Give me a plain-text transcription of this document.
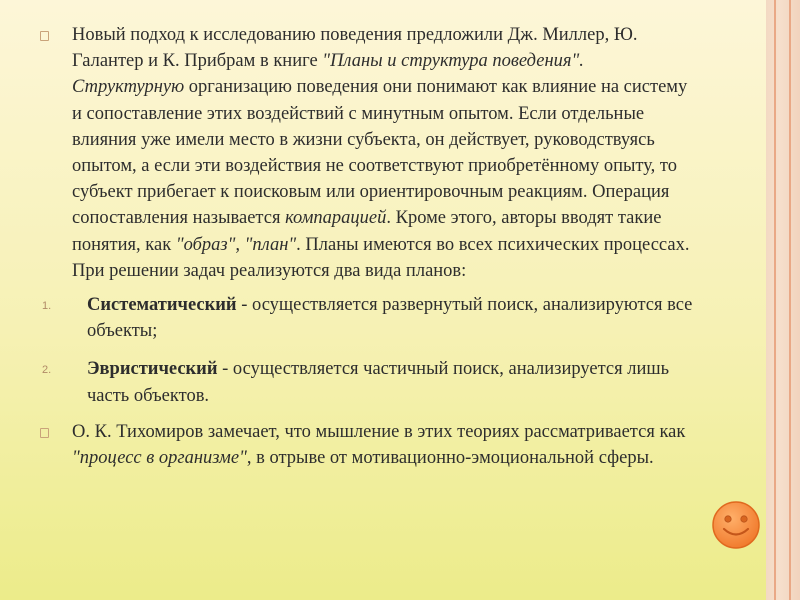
Новый подход к исследованию поведения предложили Дж. Миллер, Ю. Галантер и К. Прибрам в книге "Планы и структура поведения". Структурную организацию поведения они понимают как влияние на систему и сопоставление этих воздействий с минутным опытом. Если отдельные влияния уже имели место в жизни субъекта, он действует, руководствуясь опытом, а если эти воздействия не соответствуют приобретённому опыту, то субъект прибегает к поисковым или ориентировочным реакциям. Операция сопоставления называется компарацией. Кроме этого, авторы вводят такие понятия, как "образ", "план". Планы имеются во всех психических процессах. При решении задач реализуются два вида планов:

1. Систематический - осуществляется развернутый поиск, анализируются все объекты;

2. Эвристический - осуществляется частичный поиск, анализируется лишь часть объектов.

О. К. Тихомиров замечает, что мышление в этих теориях рассматривается как "процесс в организме", в отрыве от мотивационно-эмоциональной сферы.
